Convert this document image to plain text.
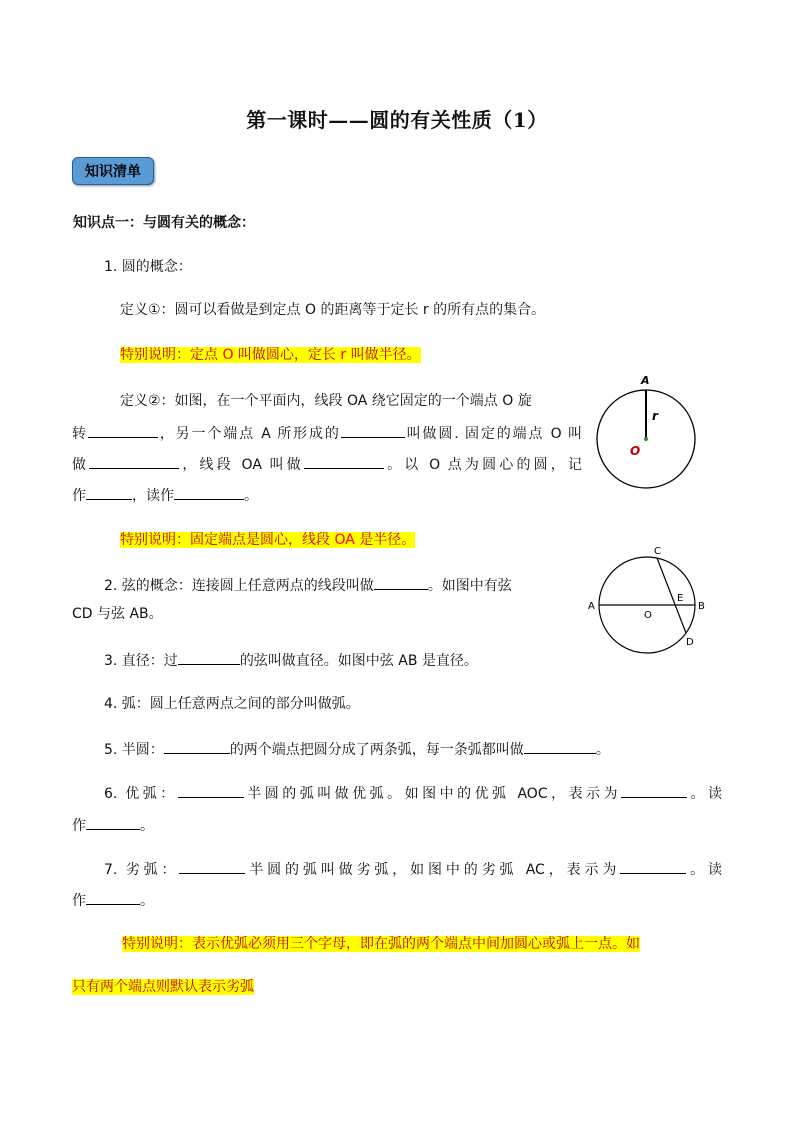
第一课时——圆的有关性质（1）
知识清单
知识点一：与圆有关的概念：
1. 圆的概念：
定义①：圆可以看做是到定点 O 的距离等于定长 r 的所有点的集合。
特别说明：定点 O 叫做圆心，定长 r 叫做半径。
定义②：如图，在一个平面内，线段 OA 绕它固定的一个端点 O 旋
转	，另一个端点 A 所形成的	叫做圆. 固定的端点 O 叫
做	，线段 OA 叫做	。以 O 点为圆心的圆，记
作	，读作	。
特别说明：固定端点是圆心，线段 OA 是半径。
2. 弦的概念：连接圆上任意两点的线段叫做	。如图中有弦
CD 与弦 AB。
3. 直径：过	的弦叫做直径。如图中弦 AB 是直径。
4. 弧：圆上任意两点之间的部分叫做弧。
5. 半圆：	的两个端点把圆分成了两条弧，每一条弧都叫做	。
6. 优弧：	半圆的弧叫做优弧。如图中的优弧 AOC，表示为	。读
作	。
7. 劣弧：	半圆的弧叫做劣弧，如图中的劣弧 AC，表示为	。读
作	。
特别说明：表示优弧必须用三个字母，即在弧的两个端点中间加圆心或弧上一点。如
只有两个端点则默认表示劣弧
A
r
O
C
A
O
E
B
D
